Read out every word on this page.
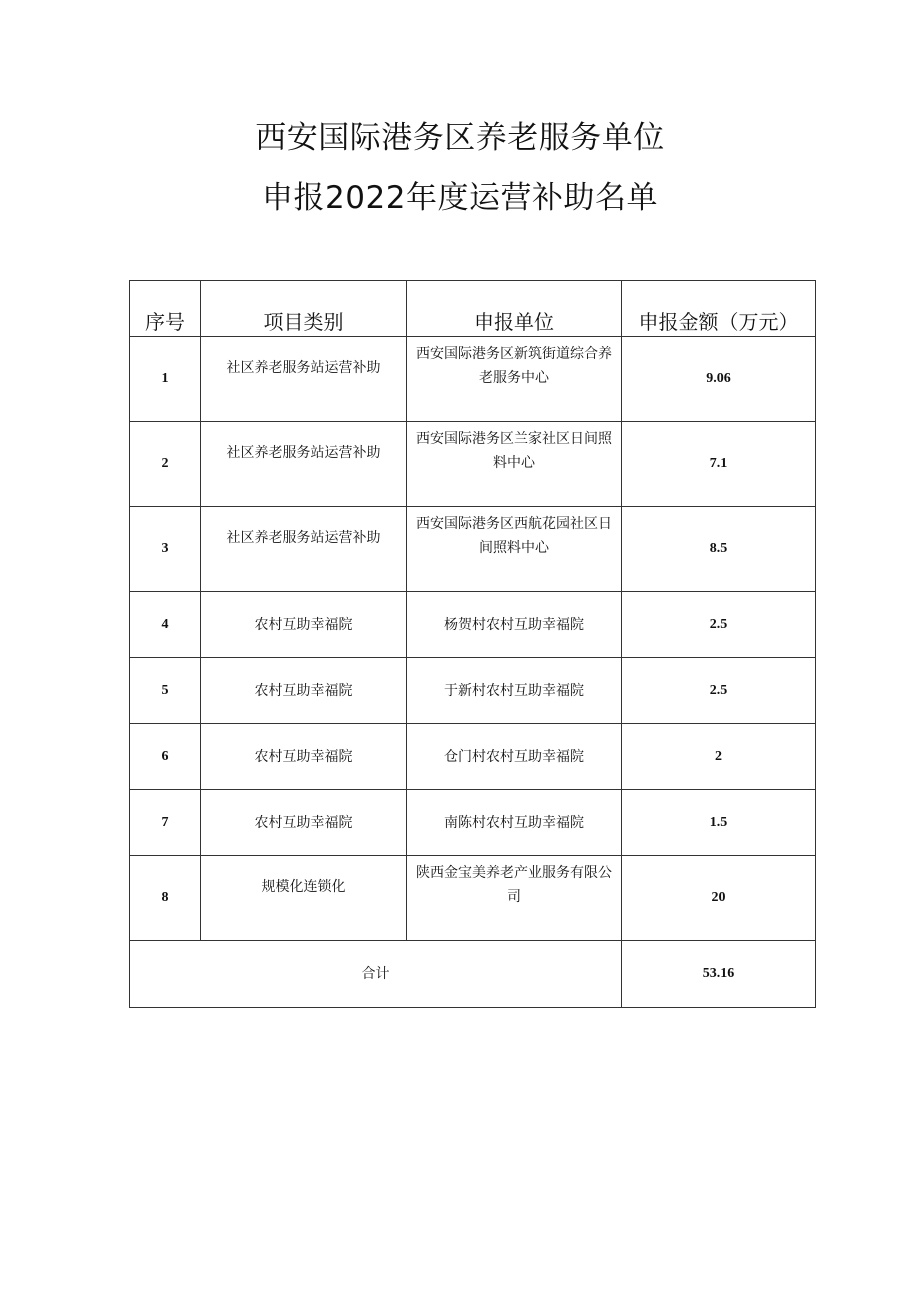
西安国际港务区养老服务单位
申报2022年度运营补助名单
序号	项目类别	申报单位	申报金额（万元）
1	社区养老服务站运营补助	西安国际港务区新筑街道综合养老服务中心	9.06
2	社区养老服务站运营补助	西安国际港务区兰家社区日间照料中心	7.1
3	社区养老服务站运营补助	西安国际港务区西航花园社区日间照料中心	8.5
4	农村互助幸福院	杨贺村农村互助幸福院	2.5
5	农村互助幸福院	于新村农村互助幸福院	2.5
6	农村互助幸福院	仓门村农村互助幸福院	2
7	农村互助幸福院	南陈村农村互助幸福院	1.5
8	规模化连锁化	陕西金宝美养老产业服务有限公司	20
合计			53.16
